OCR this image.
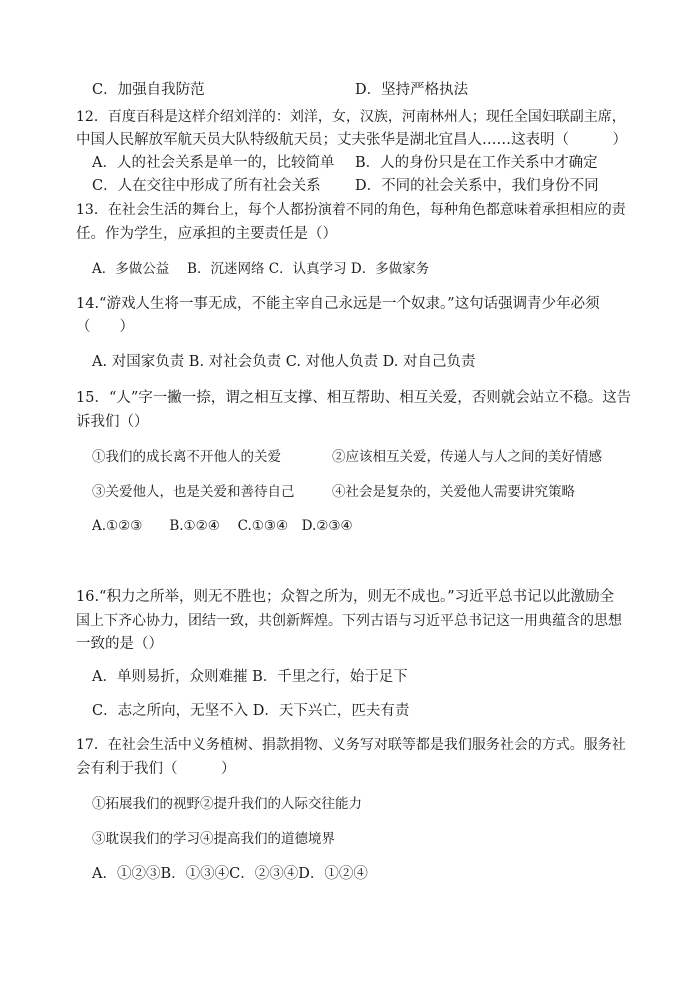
C．加强自我防范	D．坚持严格执法
12．百度百科是这样介绍刘洋的：刘洋，女，汉族，河南林州人；现任全国妇联副主席，
中国人民解放军航天员大队特级航天员；丈夫张华是湖北宜昌人……这表明（　　　）
A．人的社会关系是单一的，比较简单 B．人的身份只是在工作关系中才确定
C．人在交往中形成了所有社会关系 D．不同的社会关系中，我们身份不同
13．在社会生活的舞台上，每个人都扮演着不同的角色，每种角色都意味着承担相应的责
任。作为学生，应承担的主要责任是（）
A．多做公益　 B．沉迷网络 C．认真学习 D．多做家务
14.“游戏人生将一事无成，不能主宰自己永远是一个奴隶。”这句话强调青少年必须
（　　）
A. 对国家负责 B. 对社会负责 C. 对他人负责 D. 对自己负责
15．“人”字一撇一捺，谓之相互支撑、相互帮助、相互关爱，否则就会站立不稳。这告
诉我们（）
①我们的成长离不开他人的关爱	②应该相互关爱，传递人与人之间的美好情感
③关爱他人，也是关爱和善待自己	④社会是复杂的，关爱他人需要讲究策略
A.①②③　　B.①②④　 C.①③④　D.②③④
16.“积力之所举，则无不胜也；众智之所为，则无不成也。”习近平总书记以此激励全
国上下齐心协力，团结一致，共创新辉煌。下列古语与习近平总书记这一用典蕴含的思想
一致的是（）
A．单则易折，众则难摧 B．千里之行，始于足下
C．志之所向，无坚不入 D．天下兴亡，匹夫有责
17．在社会生活中义务植树、捐款捐物、义务写对联等都是我们服务社会的方式。服务社
会有利于我们（　　　）
①拓展我们的视野②提升我们的人际交往能力
③耽误我们的学习④提高我们的道德境界
A．①②③B．①③④C．②③④D．①②④
